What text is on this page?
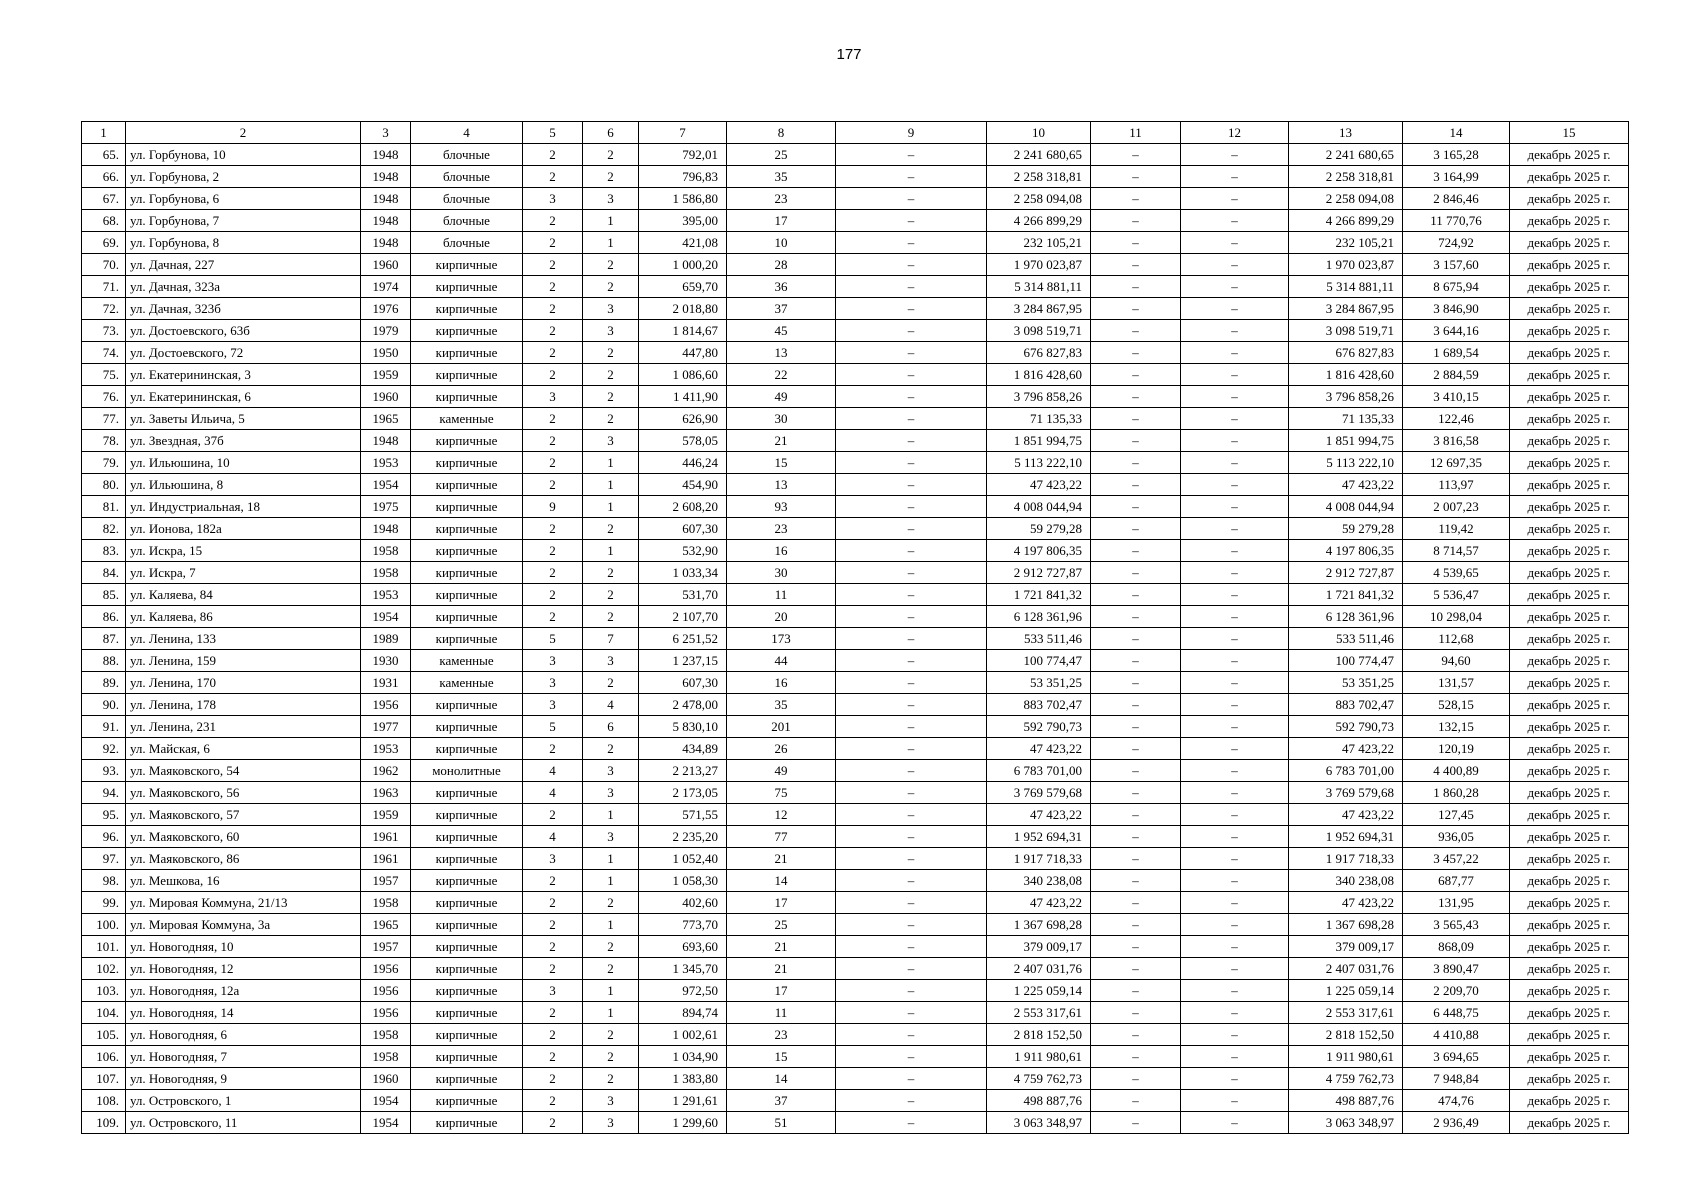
177
1	2	3	4	5	6	7	8	9	10	11	12	13	14	15
65.	ул. Горбунова, 10	1948	блочные	2	2	792,01	25	–	2 241 680,65	–	–	2 241 680,65	3 165,28	декабрь 2025 г.
66.	ул. Горбунова, 2	1948	блочные	2	2	796,83	35	–	2 258 318,81	–	–	2 258 318,81	3 164,99	декабрь 2025 г.
67.	ул. Горбунова, 6	1948	блочные	3	3	1 586,80	23	–	2 258 094,08	–	–	2 258 094,08	2 846,46	декабрь 2025 г.
68.	ул. Горбунова, 7	1948	блочные	2	1	395,00	17	–	4 266 899,29	–	–	4 266 899,29	11 770,76	декабрь 2025 г.
69.	ул. Горбунова, 8	1948	блочные	2	1	421,08	10	–	232 105,21	–	–	232 105,21	724,92	декабрь 2025 г.
70.	ул. Дачная, 227	1960	кирпичные	2	2	1 000,20	28	–	1 970 023,87	–	–	1 970 023,87	3 157,60	декабрь 2025 г.
71.	ул. Дачная, 323а	1974	кирпичные	2	2	659,70	36	–	5 314 881,11	–	–	5 314 881,11	8 675,94	декабрь 2025 г.
72.	ул. Дачная, 323б	1976	кирпичные	2	3	2 018,80	37	–	3 284 867,95	–	–	3 284 867,95	3 846,90	декабрь 2025 г.
73.	ул. Достоевского, 63б	1979	кирпичные	2	3	1 814,67	45	–	3 098 519,71	–	–	3 098 519,71	3 644,16	декабрь 2025 г.
74.	ул. Достоевского, 72	1950	кирпичные	2	2	447,80	13	–	676 827,83	–	–	676 827,83	1 689,54	декабрь 2025 г.
75.	ул. Екатерининская, 3	1959	кирпичные	2	2	1 086,60	22	–	1 816 428,60	–	–	1 816 428,60	2 884,59	декабрь 2025 г.
76.	ул. Екатерининская, 6	1960	кирпичные	3	2	1 411,90	49	–	3 796 858,26	–	–	3 796 858,26	3 410,15	декабрь 2025 г.
77.	ул. Заветы Ильича, 5	1965	каменные	2	2	626,90	30	–	71 135,33	–	–	71 135,33	122,46	декабрь 2025 г.
78.	ул. Звездная, 37б	1948	кирпичные	2	3	578,05	21	–	1 851 994,75	–	–	1 851 994,75	3 816,58	декабрь 2025 г.
79.	ул. Ильюшина, 10	1953	кирпичные	2	1	446,24	15	–	5 113 222,10	–	–	5 113 222,10	12 697,35	декабрь 2025 г.
80.	ул. Ильюшина, 8	1954	кирпичные	2	1	454,90	13	–	47 423,22	–	–	47 423,22	113,97	декабрь 2025 г.
81.	ул. Индустриальная, 18	1975	кирпичные	9	1	2 608,20	93	–	4 008 044,94	–	–	4 008 044,94	2 007,23	декабрь 2025 г.
82.	ул. Ионова, 182а	1948	кирпичные	2	2	607,30	23	–	59 279,28	–	–	59 279,28	119,42	декабрь 2025 г.
83.	ул. Искра, 15	1958	кирпичные	2	1	532,90	16	–	4 197 806,35	–	–	4 197 806,35	8 714,57	декабрь 2025 г.
84.	ул. Искра, 7	1958	кирпичные	2	2	1 033,34	30	–	2 912 727,87	–	–	2 912 727,87	4 539,65	декабрь 2025 г.
85.	ул. Каляева, 84	1953	кирпичные	2	2	531,70	11	–	1 721 841,32	–	–	1 721 841,32	5 536,47	декабрь 2025 г.
86.	ул. Каляева, 86	1954	кирпичные	2	2	2 107,70	20	–	6 128 361,96	–	–	6 128 361,96	10 298,04	декабрь 2025 г.
87.	ул. Ленина, 133	1989	кирпичные	5	7	6 251,52	173	–	533 511,46	–	–	533 511,46	112,68	декабрь 2025 г.
88.	ул. Ленина, 159	1930	каменные	3	3	1 237,15	44	–	100 774,47	–	–	100 774,47	94,60	декабрь 2025 г.
89.	ул. Ленина, 170	1931	каменные	3	2	607,30	16	–	53 351,25	–	–	53 351,25	131,57	декабрь 2025 г.
90.	ул. Ленина, 178	1956	кирпичные	3	4	2 478,00	35	–	883 702,47	–	–	883 702,47	528,15	декабрь 2025 г.
91.	ул. Ленина, 231	1977	кирпичные	5	6	5 830,10	201	–	592 790,73	–	–	592 790,73	132,15	декабрь 2025 г.
92.	ул. Майская, 6	1953	кирпичные	2	2	434,89	26	–	47 423,22	–	–	47 423,22	120,19	декабрь 2025 г.
93.	ул. Маяковского, 54	1962	монолитные	4	3	2 213,27	49	–	6 783 701,00	–	–	6 783 701,00	4 400,89	декабрь 2025 г.
94.	ул. Маяковского, 56	1963	кирпичные	4	3	2 173,05	75	–	3 769 579,68	–	–	3 769 579,68	1 860,28	декабрь 2025 г.
95.	ул. Маяковского, 57	1959	кирпичные	2	1	571,55	12	–	47 423,22	–	–	47 423,22	127,45	декабрь 2025 г.
96.	ул. Маяковского, 60	1961	кирпичные	4	3	2 235,20	77	–	1 952 694,31	–	–	1 952 694,31	936,05	декабрь 2025 г.
97.	ул. Маяковского, 86	1961	кирпичные	3	1	1 052,40	21	–	1 917 718,33	–	–	1 917 718,33	3 457,22	декабрь 2025 г.
98.	ул. Мешкова, 16	1957	кирпичные	2	1	1 058,30	14	–	340 238,08	–	–	340 238,08	687,77	декабрь 2025 г.
99.	ул. Мировая Коммуна, 21/13	1958	кирпичные	2	2	402,60	17	–	47 423,22	–	–	47 423,22	131,95	декабрь 2025 г.
100.	ул. Мировая Коммуна, 3а	1965	кирпичные	2	1	773,70	25	–	1 367 698,28	–	–	1 367 698,28	3 565,43	декабрь 2025 г.
101.	ул. Новогодняя, 10	1957	кирпичные	2	2	693,60	21	–	379 009,17	–	–	379 009,17	868,09	декабрь 2025 г.
102.	ул. Новогодняя, 12	1956	кирпичные	2	2	1 345,70	21	–	2 407 031,76	–	–	2 407 031,76	3 890,47	декабрь 2025 г.
103.	ул. Новогодняя, 12а	1956	кирпичные	3	1	972,50	17	–	1 225 059,14	–	–	1 225 059,14	2 209,70	декабрь 2025 г.
104.	ул. Новогодняя, 14	1956	кирпичные	2	1	894,74	11	–	2 553 317,61	–	–	2 553 317,61	6 448,75	декабрь 2025 г.
105.	ул. Новогодняя, 6	1958	кирпичные	2	2	1 002,61	23	–	2 818 152,50	–	–	2 818 152,50	4 410,88	декабрь 2025 г.
106.	ул. Новогодняя, 7	1958	кирпичные	2	2	1 034,90	15	–	1 911 980,61	–	–	1 911 980,61	3 694,65	декабрь 2025 г.
107.	ул. Новогодняя, 9	1960	кирпичные	2	2	1 383,80	14	–	4 759 762,73	–	–	4 759 762,73	7 948,84	декабрь 2025 г.
108.	ул. Островского, 1	1954	кирпичные	2	3	1 291,61	37	–	498 887,76	–	–	498 887,76	474,76	декабрь 2025 г.
109.	ул. Островского, 11	1954	кирпичные	2	3	1 299,60	51	–	3 063 348,97	–	–	3 063 348,97	2 936,49	декабрь 2025 г.
